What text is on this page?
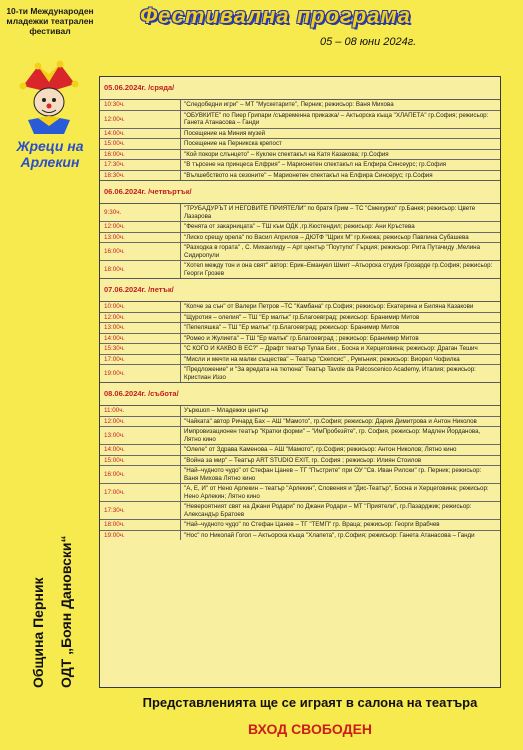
10-ти Международен младежки театрален фестивал
Жреци на
Арлекин
Община Перник ОДТ „Боян Дановски“
Фестивална програма
05 – 08 юни 2024г.
05.06.2024г. /сряда/
10:30ч.	"Следобедни игри" – МТ "Мускетарите", Перник; режисьор: Ваня Михова
12:00ч.
"ОБУВКИТЕ" по Пиер Грипари /съвременна приказка/ – Актьорска къща "ХЛАПЕТА" гр.София; режисьор: Ганета Атанасова – Ганди
14:00ч.	Посещение на Миния музей
15:00ч.	Посещение на Перникска крепост
16:00ч.	"Кой покори слънцето" – Куклен спектакъл на Катя Казакова; гр.София
17:30ч.	"В търсене на принцеса Елфрия" – Марионетен спектакъл на Елфира Синсеурс; гр.София
18:30ч.	"Вълшебството на сезоните" – Марионетен спектакъл на Елфира Синсерус; гр.София
06.06.2024г. /четвъртък/
9:30ч.
"ТРУБАДУРЪТ И НЕГОВИТЕ ПРИЯТЕЛИ" по братя Грим – ТС "Смехурко" гр.Банкя; режисьор: Цвете Лазарова
12:00ч.	"Фенята от закарницата" – ТШ към ОДК ,гр.Кюстендил; режисьор: Ани Кръстева
13:00ч.	"Лиско срещу орела" по Васил Априлов – ДЮТФ "Щрих М" гр.Кнежа; режисьор Павлина Субашева
16:00ч.
"Разходка в гората" , С. Михаилиду – Арт център "Поутупо" Гърция; режисьор: Рита Путачиду ,Мелина Сидиропули
18:00ч.
"Хотел между тон и она свят" автор: Ерик–Емануел Шмит –Атьорска студия Грозарде гр.София; режисьор: Георги Грозев
07.06.2024г. /петък/
10:00ч.	"Копче за сън" от Валери Петров –ТС "Камбана" гр.София; режисьор: Екатерина и Биляна Казакови
12:00ч.	"Щуротия – олелия" – ТШ "Ер малък" гр.Благоевград; режисьор: Бранимир Митов
13:00ч.	"Пепеляшка" – ТШ "Ер малък" гр.Благоевград; режисьор: Бранимир Митов
14:00ч.	"Ромео и Жулиета" – ТШ "Ер малък" гр.Благоевград ; режисьор: Бранимир Митов
15:30ч.	"С КОГО И КАКВО В ЕС?" – Драфт театър Тулаа Бих , Босна и Херцеговина; режисьор: Драган Тешич
17:00ч.	"Мисли и мечти на малки същества" – Театър "Скепсис" , Румъния; режисьор: Виорел Чофилка
19:00ч.
"Предложение" и "За вредата на тютюна" Театър Tavole da Palcoscenico Academy, Италия; режисьор: Кристиан Иззо
08.06.2024г. /събота/
11:00ч.	Уъркшоп – Младежки център
12:00ч.	"Чайката" автор Ричард Бах – АШ "Мамото", гр.София; режисьор: Дария Димитрова и Антон Николов
13:00ч.
Импровизационен театър "Кратки форми" – "ИмПробезйте", гр. София, режисьор: Мадлен Йорданова, Лятно кино
14:00ч.	"Олеле" от Здрава Каменова – АШ "Мамото", гр.София; режисьор: Антон Николов; Лятно кино
15:00ч.	"Война за мир" – Театър ART STUDIO EXIT, гр. София ; режисьор: Илиян Стоилов
16:00ч.
"Най–чудното чудо" от Стефан Цанев – ТГ "Пъстрите" при ОУ "Св. Иван Рилски" гр. Перник; режисьор: Ваня Михова Лятно кино
17:00ч.
"А, Е, И" от Нено Арлекин – театър "Арлекин", Словения и "Дис-Театър", Босна и Херцеговина; режисьор: Нено Арлекин; Лятно кино
17:30ч.
"Невероятният свят на Джани Родари" по Джани Родари – МТ "Приятели", гр.Пазарджик; режисьор: Александър Братоев
18:00ч.	"Най–чудното чудо" по Стефан Цанев – ТГ "ТЕМП" гр. Враца; режисьор: Георги Врабчев
19:00ч.	"Нос" по Николай Гогол – Актьорска къща "Хлапета", гр.София; режисьор: Ганета Атанасова – Ганди
Представленията ще се играят в салона на театъра
ВХОД СВОБОДЕН
